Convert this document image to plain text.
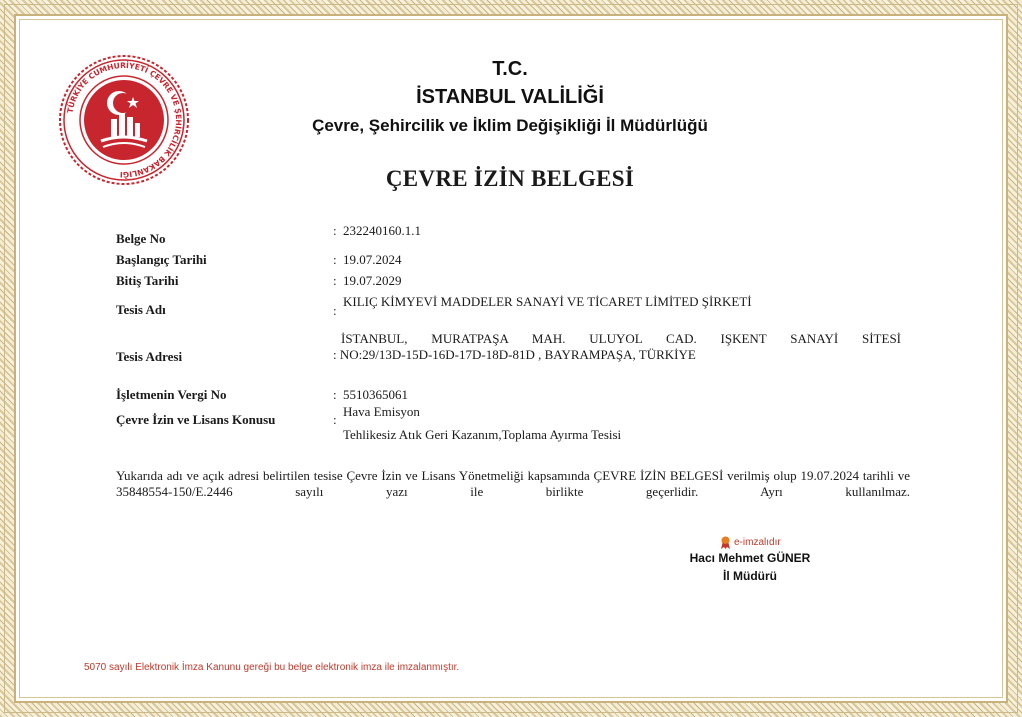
TÜRKİYE CUMHURİYETİ ÇEVRE VE ŞEHİRCİLİK BAKANLIĞI
T.C.
İSTANBUL VALİLİĞİ
Çevre, Şehircilik ve İklim Değişikliği İl Müdürlüğü
ÇEVRE İZİN BELGESİ
Belge No
: 232240160.1.1
Başlangıç Tarihi	: 19.07.2024
Bitiş Tarihi	: 19.07.2029
Tesis Adı	:
KILIÇ KİMYEVİ MADDELER SANAYİ VE TİCARET LİMİTED ŞİRKETİ
Tesis Adresi
İSTANBUL, MURATPAŞA MAH. ULUYOL CAD. IŞKENT SANAYİ SİTESİ
: NO:29/13D-15D-16D-17D-18D-81D , BAYRAMPAŞA, TÜRKİYE
İşletmenin Vergi No	: 5510365061
Çevre İzin ve Lisans Konusu	:
Hava Emisyon
Tehlikesiz Atık Geri Kazanım,Toplama Ayırma Tesisi
Yukarıda adı ve açık adresi belirtilen tesise Çevre İzin ve Lisans Yönetmeliği kapsamında ÇEVRE İZİN BELGESİ verilmiş olup 19.07.2024 tarihli ve 35848554-150/E.2446 sayılı yazı ile birlikte geçerlidir. Ayrı kullanılmaz.
e-imzalıdır
Hacı Mehmet GÜNER
İl Müdürü
5070 sayılı Elektronik İmza Kanunu gereği bu belge elektronik imza ile imzalanmıştır.
